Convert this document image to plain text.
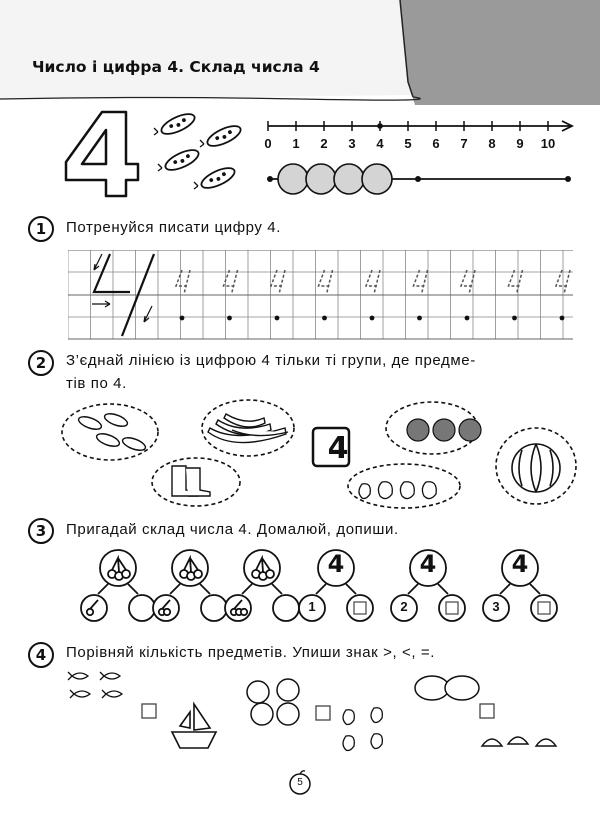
Число і цифра 4. Склад числа 4
0	1	2	3	4	5	6	7	8	9	10
1	Потренуйся писати цифру 4.
2	З’єднай лінією із цифрою 4 тільки ті групи, де предме-
тів по 4.
4
3	Пригадай склад числа 4. Домалюй, допиши.
4
1
4
2
4
3
4	Порівняй кількість предметів. Упиши знак >, <, =.
5
